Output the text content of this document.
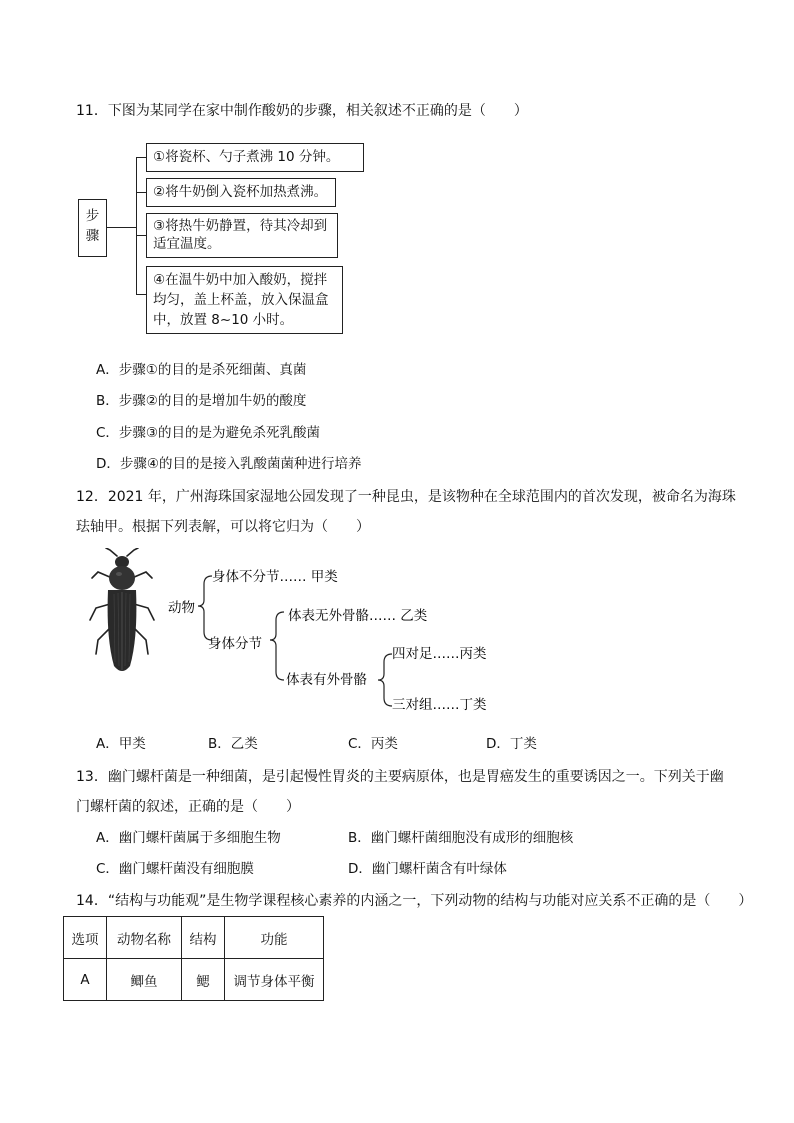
11．下图为某同学在家中制作酸奶的步骤，相关叙述不正确的是（　　）
步
骤
①将瓷杯、勺子煮沸 10 分钟。
②将牛奶倒入瓷杯加热煮沸。
③将热牛奶静置，待其冷却到
适宜温度。
④在温牛奶中加入酸奶，搅拌
均匀，盖上杯盖，放入保温盒
中，放置 8~10 小时。
A．步骤①的目的是杀死细菌、真菌
B．步骤②的目的是增加牛奶的酸度
C．步骤③的目的是为避免杀死乳酸菌
D．步骤④的目的是接入乳酸菌菌种进行培养
12．2021 年，广州海珠国家湿地公园发现了一种昆虫，是该物种在全球范围内的首次发现，被命名为海珠
珐轴甲。根据下列表解，可以将它归为（　　）
动物
身体不分节…… 甲类
身体分节
体表无外骨骼…… 乙类
体表有外骨骼
四对足……丙类
三对组……丁类
A．甲类	B．乙类	C．丙类	D．丁类
13．幽门螺杆菌是一种细菌，是引起慢性胃炎的主要病原体，也是胃癌发生的重要诱因之一。下列关于幽
门螺杆菌的叙述，正确的是（　　）
A．幽门螺杆菌属于多细胞生物	B．幽门螺杆菌细胞没有成形的细胞核
C．幽门螺杆菌没有细胞膜	D．幽门螺杆菌含有叶绿体
14．“结构与功能观”是生物学课程核心素养的内涵之一，下列动物的结构与功能对应关系不正确的是（　　）
选项	动物名称	结构	功能
A	鲫鱼	鳃	调节身体平衡
